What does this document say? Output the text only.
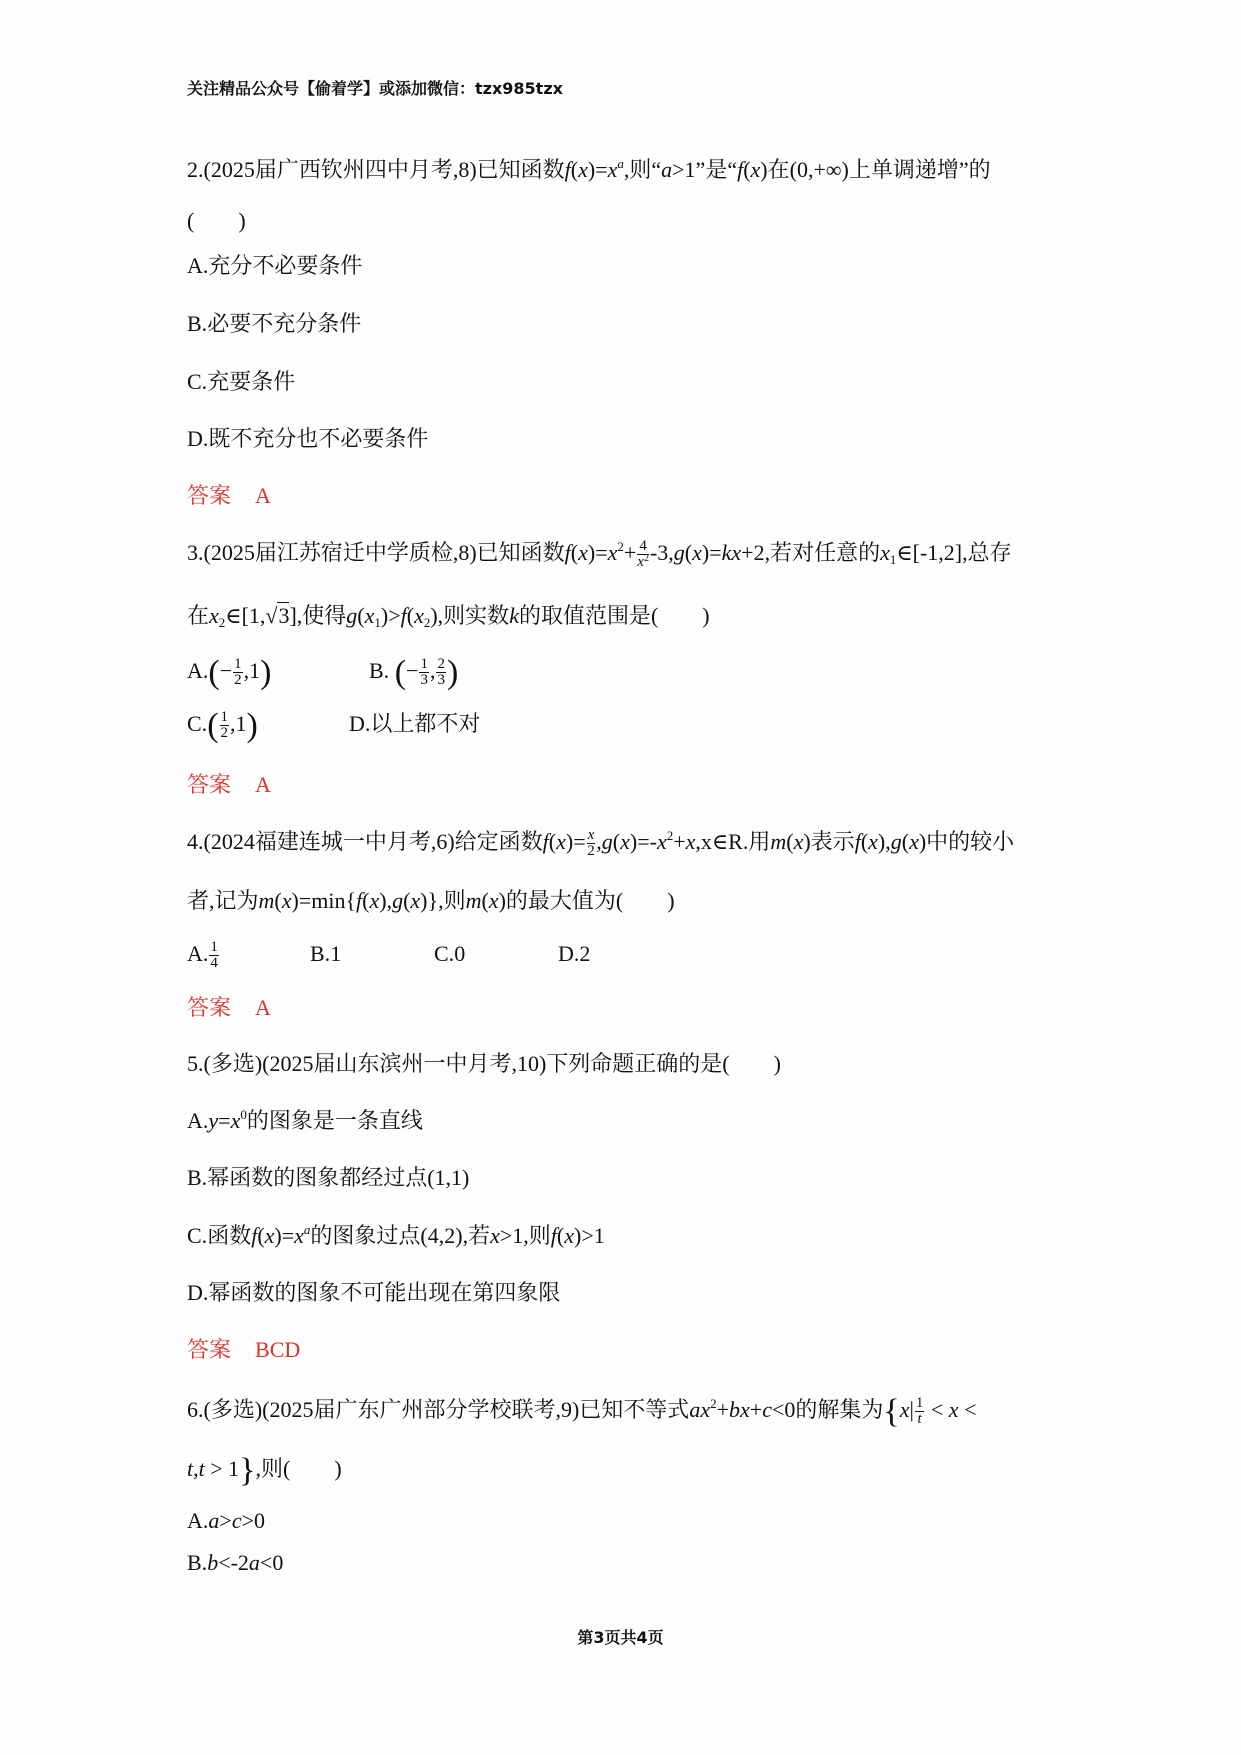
关注精品公众号【偷着学】或添加微信：tzx985tzx
2.(2025届广西钦州四中月考,8)已知函数$f(x)=x^a$,则“a>1”是“f(x)在(0,+∞)上单调递增”的
(　　)
A.充分不必要条件
B.必要不充分条件
C.充要条件
D.既不充分也不必要条件
答案 A
3.(2025届江苏宿迁中学质检,8)已知函数$f(x)=x^2+ \frac{4}{x^2} -3,g(x)=kx+2$,若对任意的$x_1\in[-1,2]$,总存
在$x_2\in[1,√3]$,使得$g(x_1)>f(x_2)$,则实数k的取值范围是(　　)
$A.(- \frac{1}{2} ,1)$	B. (− $\frac{1}{3}$ , $\frac{2}{3}$ )
$C.( \frac{1}{2} ,1)$	D.以上都不对
答案 A
4.(2024福建连城一中月考,6)给定函数$f(x)= \frac{x}{2}$ $,g(x)=-x^2+x,x\in R$.用m(x)表示f(x),g(x)中的较小
者,记为m(x)=min{f(x),g(x)},则m(x)的最大值为(　　)
A. $\frac{1}{4}$	B.1	C.0	D.2
答案 A
5.(多选)(2025届山东滨州一中月考,10)下列命题正确的是(　　)
$A.y=x^0$的图象是一条直线
B.幂函数的图象都经过点(1,1)
C.函数$f(x)=x^a$的图象过点(4,2),若x>1,则f(x)>1
D.幂函数的图象不可能出现在第四象限
答案 BCD
6.(多选)(2025届广东广州部分学校联考,9)已知不等式$ax^2+bx+c<0$的解集为{$x| \frac{1}{t} < x$ <
t,t > 1},则(　　)
A.a>c>0
B.b<-2a<0
第3页共4页
